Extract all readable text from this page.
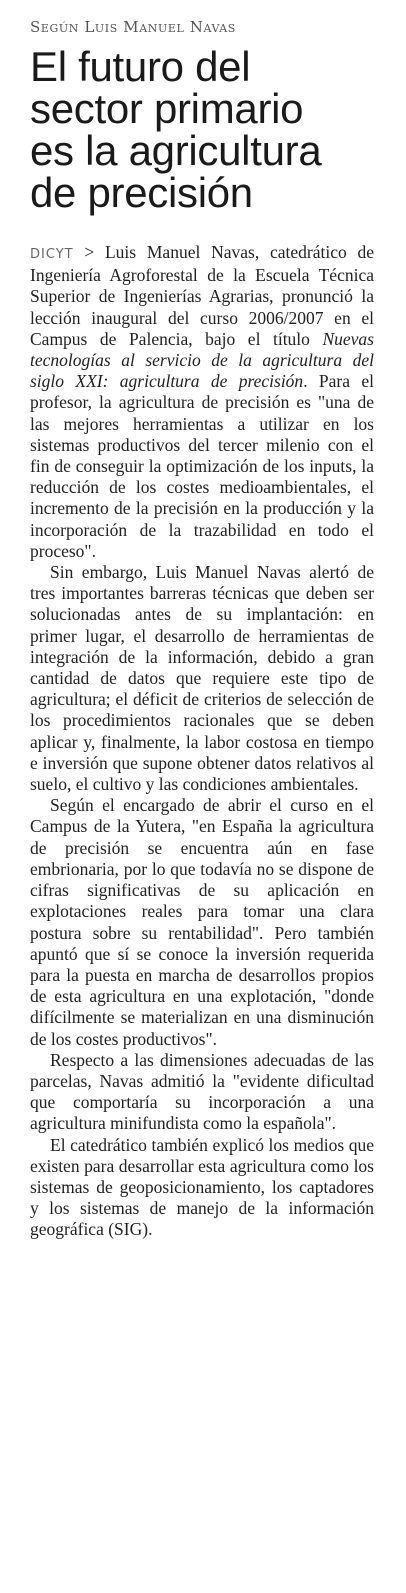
Según Luis Manuel Navas
El futuro del
sector primario
es la agricultura
de precisión

DICYT > Luis Manuel Navas, catedrático de Ingeniería Agroforestal de la Escuela Técnica Superior de Ingenierías Agrarias, pronunció la lección inaugural del curso 2006/2007 en el Campus de Palencia, bajo el título Nuevas tecnologías al servicio de la agricultura del siglo XXI: agricultura de precisión. Para el profesor, la agricultura de precisión es "una de las mejores herramientas a utilizar en los sistemas productivos del tercer milenio con el fin de conseguir la optimización de los inputs, la reducción de los costes medioambientales, el incremento de la precisión en la producción y la incorporación de la trazabilidad en todo el proceso".

Sin embargo, Luis Manuel Navas alertó de tres importantes barreras técnicas que deben ser solucionadas antes de su implantación: en primer lugar, el desarrollo de herramientas de integración de la información, debido a gran cantidad de datos que requiere este tipo de agricultura; el déficit de criterios de selección de los procedimientos racionales que se deben aplicar y, finalmente, la labor costosa en tiempo e inversión que supone obtener datos relativos al suelo, el cultivo y las condiciones ambientales.

Según el encargado de abrir el curso en el Campus de la Yutera, "en España la agricultura de precisión se encuentra aún en fase embrionaria, por lo que todavía no se dispone de cifras significativas de su aplicación en explotaciones reales para tomar una clara postura sobre su rentabilidad". Pero también apuntó que sí se conoce la inversión requerida para la puesta en marcha de desarrollos propios de esta agricultura en una explotación, "donde difícilmente se materializan en una disminución de los costes productivos".

Respecto a las dimensiones adecuadas de las parcelas, Navas admitió la "evidente dificultad que comportaría su incorporación a una agricultura minifundista como la española".

El catedrático también explicó los medios que existen para desarrollar esta agricultura como los sistemas de geoposicionamiento, los captadores y los sistemas de manejo de la información geográfica (SIG).
